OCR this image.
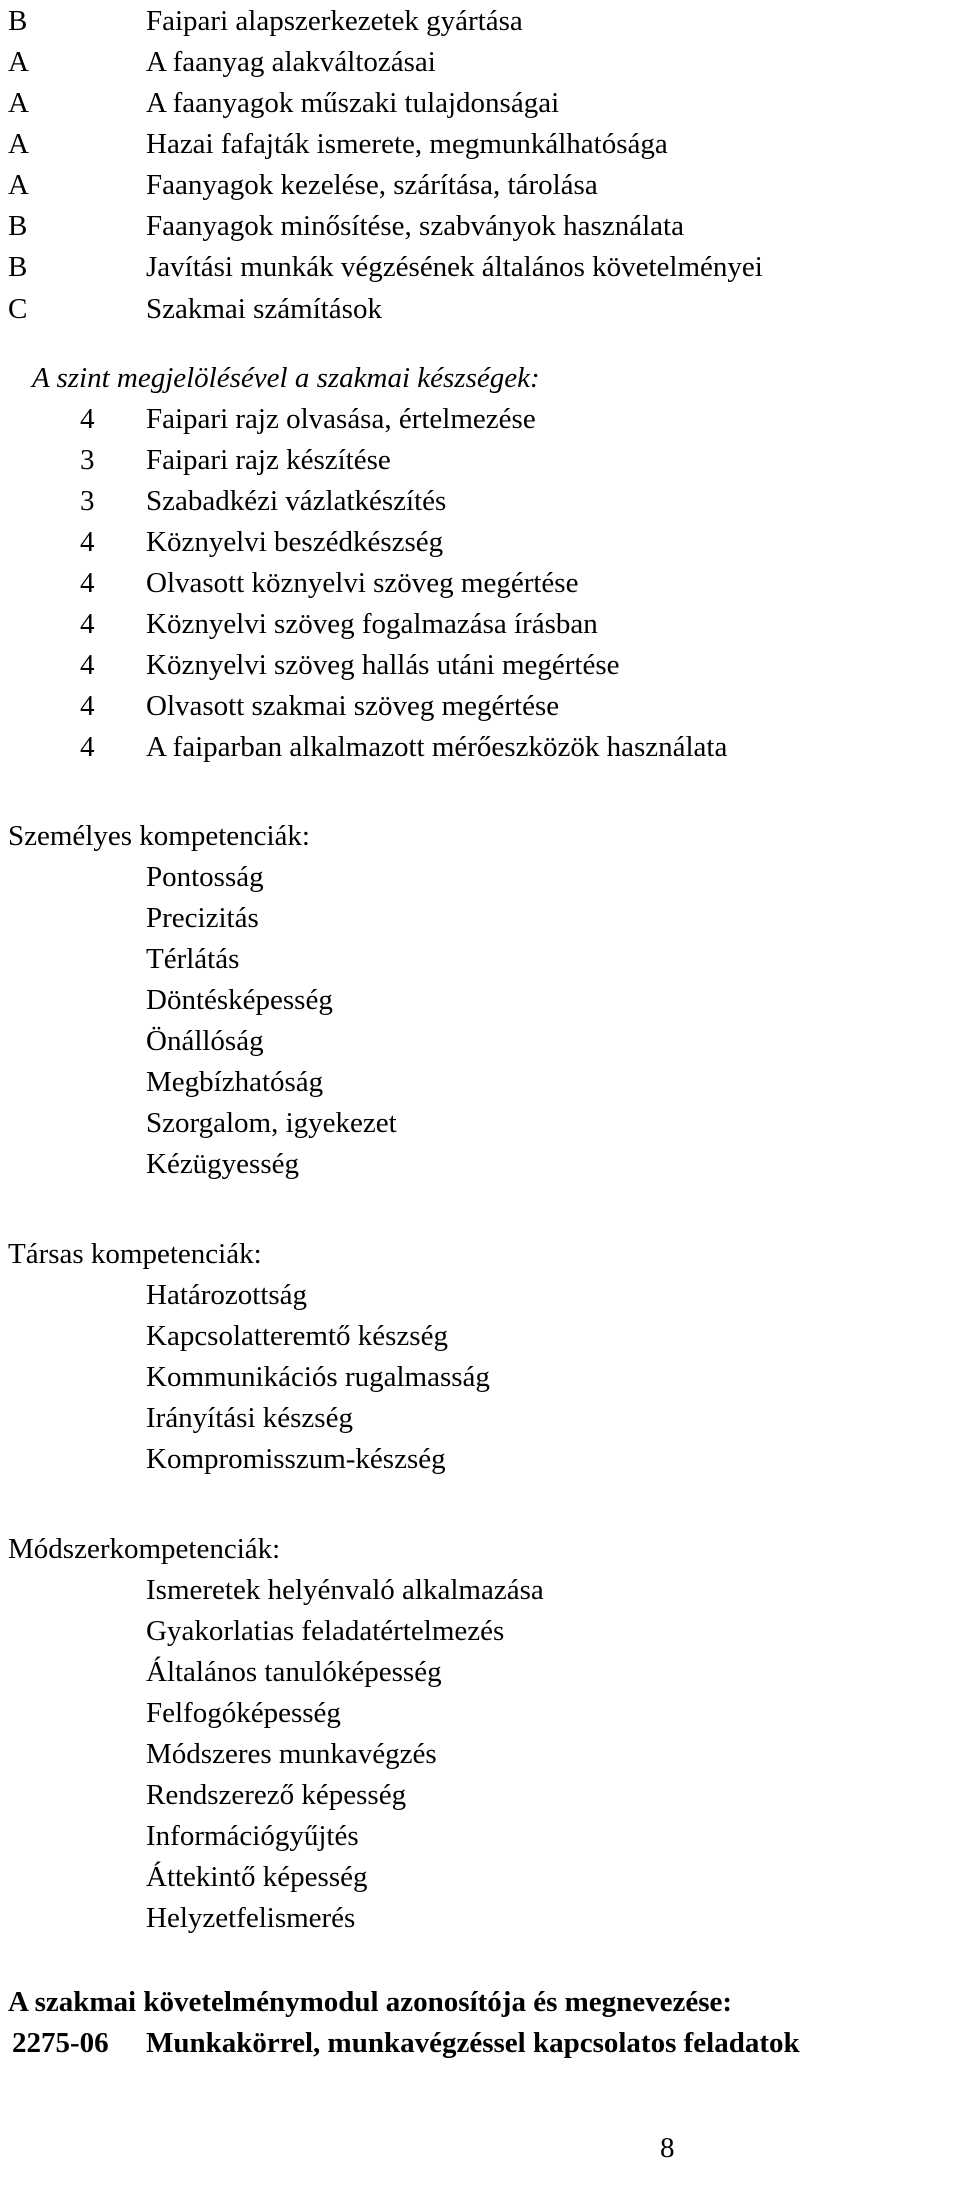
B	Faipari alapszerkezetek gyártása
A	A faanyag alakváltozásai
A	A faanyagok műszaki tulajdonságai
A	Hazai fafajták ismerete, megmunkálhatósága
A	Faanyagok kezelése, szárítása, tárolása
B	Faanyagok minősítése, szabványok használata
B	Javítási munkák végzésének általános követelményei
C	Szakmai számítások
A szint megjelölésével a szakmai készségek:
4	Faipari rajz olvasása, értelmezése
3	Faipari rajz készítése
3	Szabadkézi vázlatkészítés
4	Köznyelvi beszédkészség
4	Olvasott köznyelvi szöveg megértése
4	Köznyelvi szöveg fogalmazása írásban
4	Köznyelvi szöveg hallás utáni megértése
4	Olvasott szakmai szöveg megértése
4	A faiparban alkalmazott mérőeszközök használata
Személyes kompetenciák:
Pontosság
Precizitás
Térlátás
Döntésképesség
Önállóság
Megbízhatóság
Szorgalom, igyekezet
Kézügyesség
Társas kompetenciák:
Határozottság
Kapcsolatteremtő készség
Kommunikációs rugalmasság
Irányítási készség
Kompromisszum-készség
Módszerkompetenciák:
Ismeretek helyénvaló alkalmazása
Gyakorlatias feladatértelmezés
Általános tanulóképesség
Felfogóképesség
Módszeres munkavégzés
Rendszerező képesség
Információgyűjtés
Áttekintő képesség
Helyzetfelismerés
A szakmai követelménymodul azonosítója és megnevezése:
2275-06 Munkakörrel, munkavégzéssel kapcsolatos feladatok
8
